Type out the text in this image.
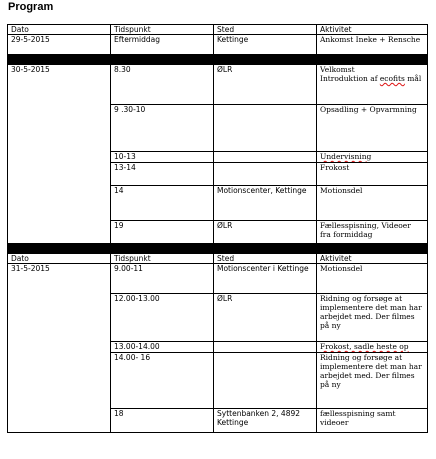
Program
Dato	Tidspunkt	Sted	Aktivitet
29-5-2015	Eftermiddag	Kettinge	Ankomst Ineke + Rensche

30-5-2015	8.30	ØLR	Velkomst
Introduktion af ecofits mål
	9 .30-10		Opsadling + Opvarmning
	10-13		Undervisning
	13-14		Frokost
	14	Motionscenter, Kettinge	Motionsdel
	19	ØLR	Fællesspisning, Videoer fra formiddag

Dato	Tidspunkt	Sted	Aktivitet
31-5-2015	9.00-11	Motionscenter i Kettinge	Motionsdel
	12.00-13.00	ØLR	Ridning og forsøge at implementere det man har arbejdet med. Der filmes på ny
	13.00-14.00		Frokost, sadle heste op
	14.00- 16		Ridning og forsøge at implementere det man har arbejdet med. Der filmes på ny
	18	Syttenbanken 2, 4892 Kettinge	fællesspisning samt videoer
